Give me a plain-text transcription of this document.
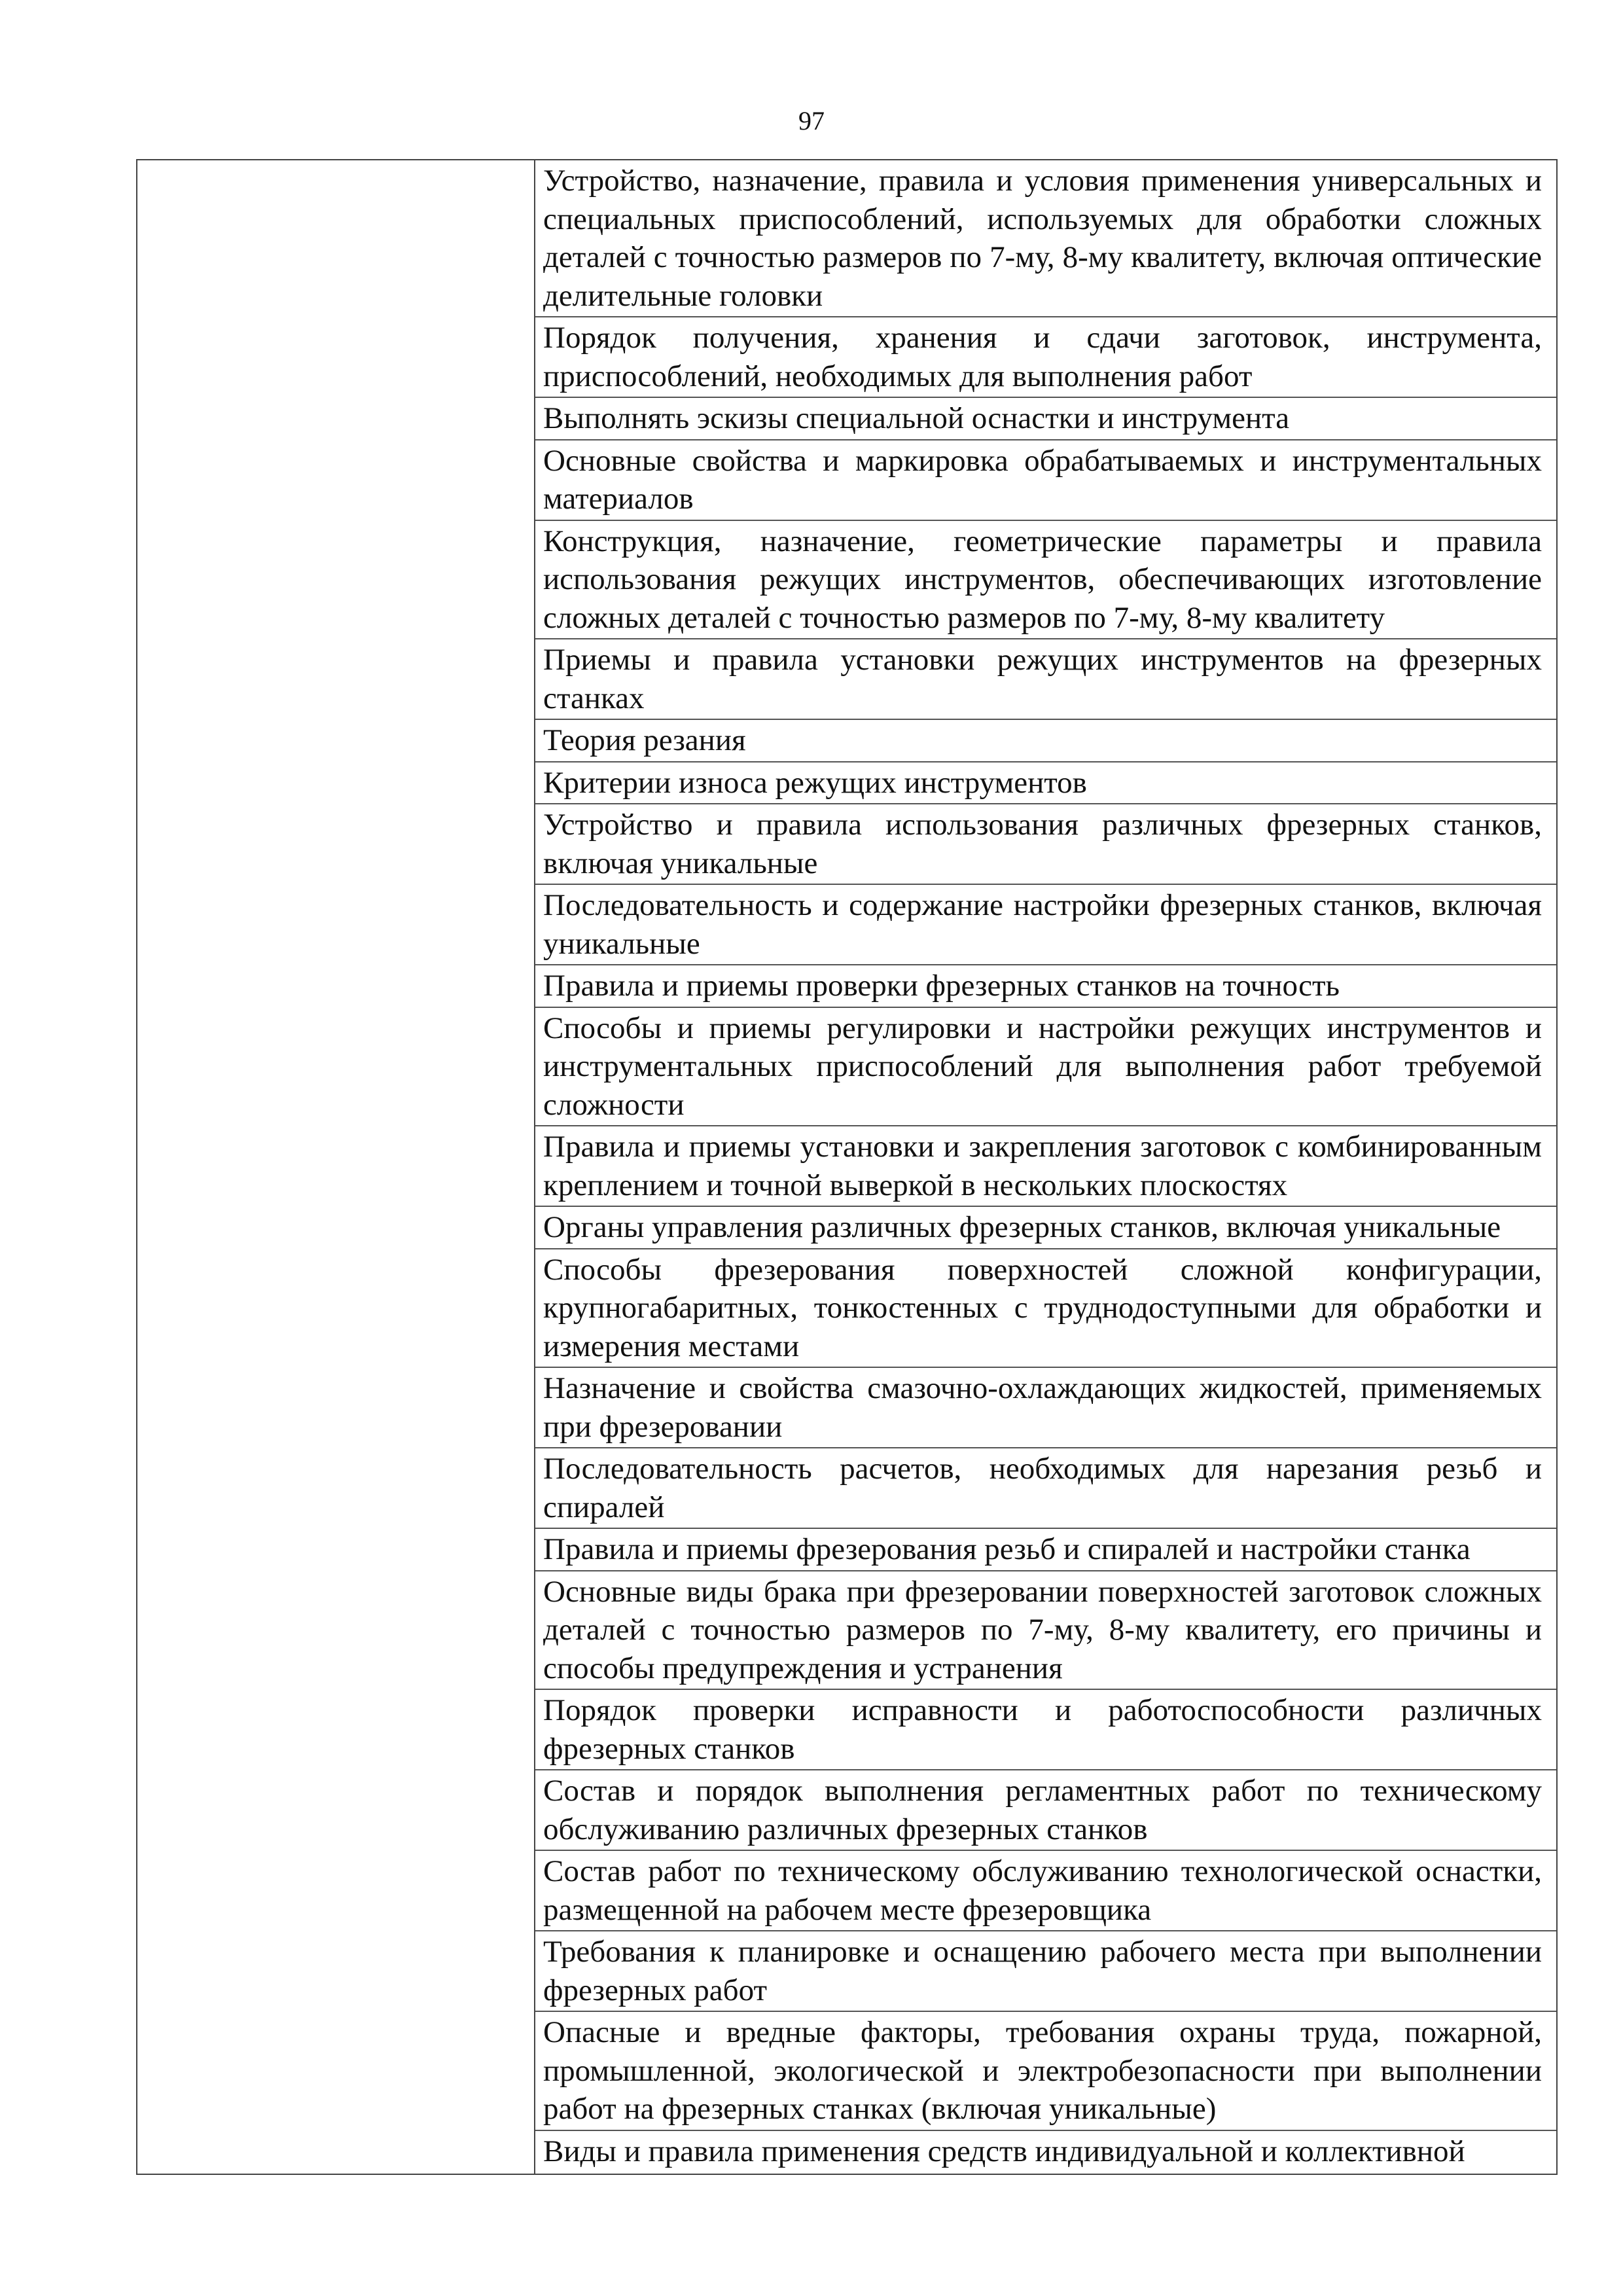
97
Устройство, назначение, правила и условия применения универсальных и специальных приспособлений, используемых для обработки сложных деталей с точностью размеров по 7-му, 8-му квалитету, включая оптические делительные головки
Порядок получения, хранения и сдачи заготовок, инструмента, приспособлений, необходимых для выполнения работ
Выполнять эскизы специальной оснастки и инструмента
Основные свойства и маркировка обрабатываемых и инструментальных материалов
Конструкция, назначение, геометрические параметры и правила использования режущих инструментов, обеспечивающих изготовление сложных деталей с точностью размеров по 7-му, 8-му квалитету
Приемы и правила установки режущих инструментов на фрезерных станках
Теория резания
Критерии износа режущих инструментов
Устройство и правила использования различных фрезерных станков, включая уникальные
Последовательность и содержание настройки фрезерных станков, включая уникальные
Правила и приемы проверки фрезерных станков на точность
Способы и приемы регулировки и настройки режущих инструментов и инструментальных приспособлений для выполнения работ требуемой сложности
Правила и приемы установки и закрепления заготовок с комбинированным креплением и точной выверкой в нескольких плоскостях
Органы управления различных фрезерных станков, включая уникальные
Способы фрезерования поверхностей сложной конфигурации, крупногабаритных, тонкостенных с труднодоступными для обработки и измерения местами
Назначение и свойства смазочно-охлаждающих жидкостей, применяемых при фрезеровании
Последовательность расчетов, необходимых для нарезания резьб и спиралей
Правила и приемы фрезерования резьб и спиралей и настройки станка
Основные виды брака при фрезеровании поверхностей заготовок сложных деталей с точностью размеров по 7-му, 8-му квалитету, его причины и способы предупреждения и устранения
Порядок проверки исправности и работоспособности различных фрезерных станков
Состав и порядок выполнения регламентных работ по техническому обслуживанию различных фрезерных станков
Состав работ по техническому обслуживанию технологической оснастки, размещенной на рабочем месте фрезеровщика
Требования к планировке и оснащению рабочего места при выполнении фрезерных работ
Опасные и вредные факторы, требования охраны труда, пожарной, промышленной, экологической и электробезопасности при выполнении работ на фрезерных станках (включая уникальные)
Виды и правила применения средств индивидуальной и коллективной
